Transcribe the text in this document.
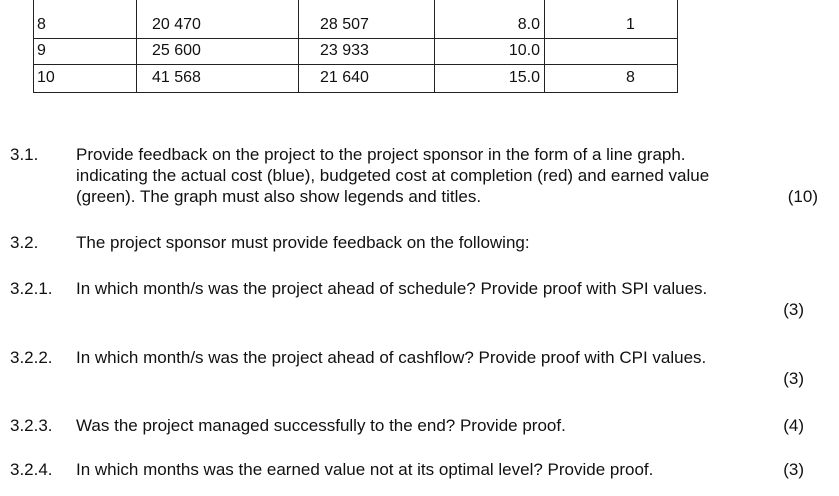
8	20 470	28 507	8.0	1
9	25 600	23 933	10.0
10	41 568	21 640	15.0	8
3.1. Provide feedback on the project to the project sponsor in the form of a line graph.
indicating the actual cost (blue), budgeted cost at completion (red) and earned value
(green). The graph must also show legends and titles.	(10)
3.2. The project sponsor must provide feedback on the following:
3.2.1. In which month/s was the project ahead of schedule? Provide proof with SPI values.
(3)
3.2.2. In which month/s was the project ahead of cashflow? Provide proof with CPI values.
(3)
3.2.3. Was the project managed successfully to the end? Provide proof.	(4)
3.2.4. In which months was the earned value not at its optimal level? Provide proof.	(3)
